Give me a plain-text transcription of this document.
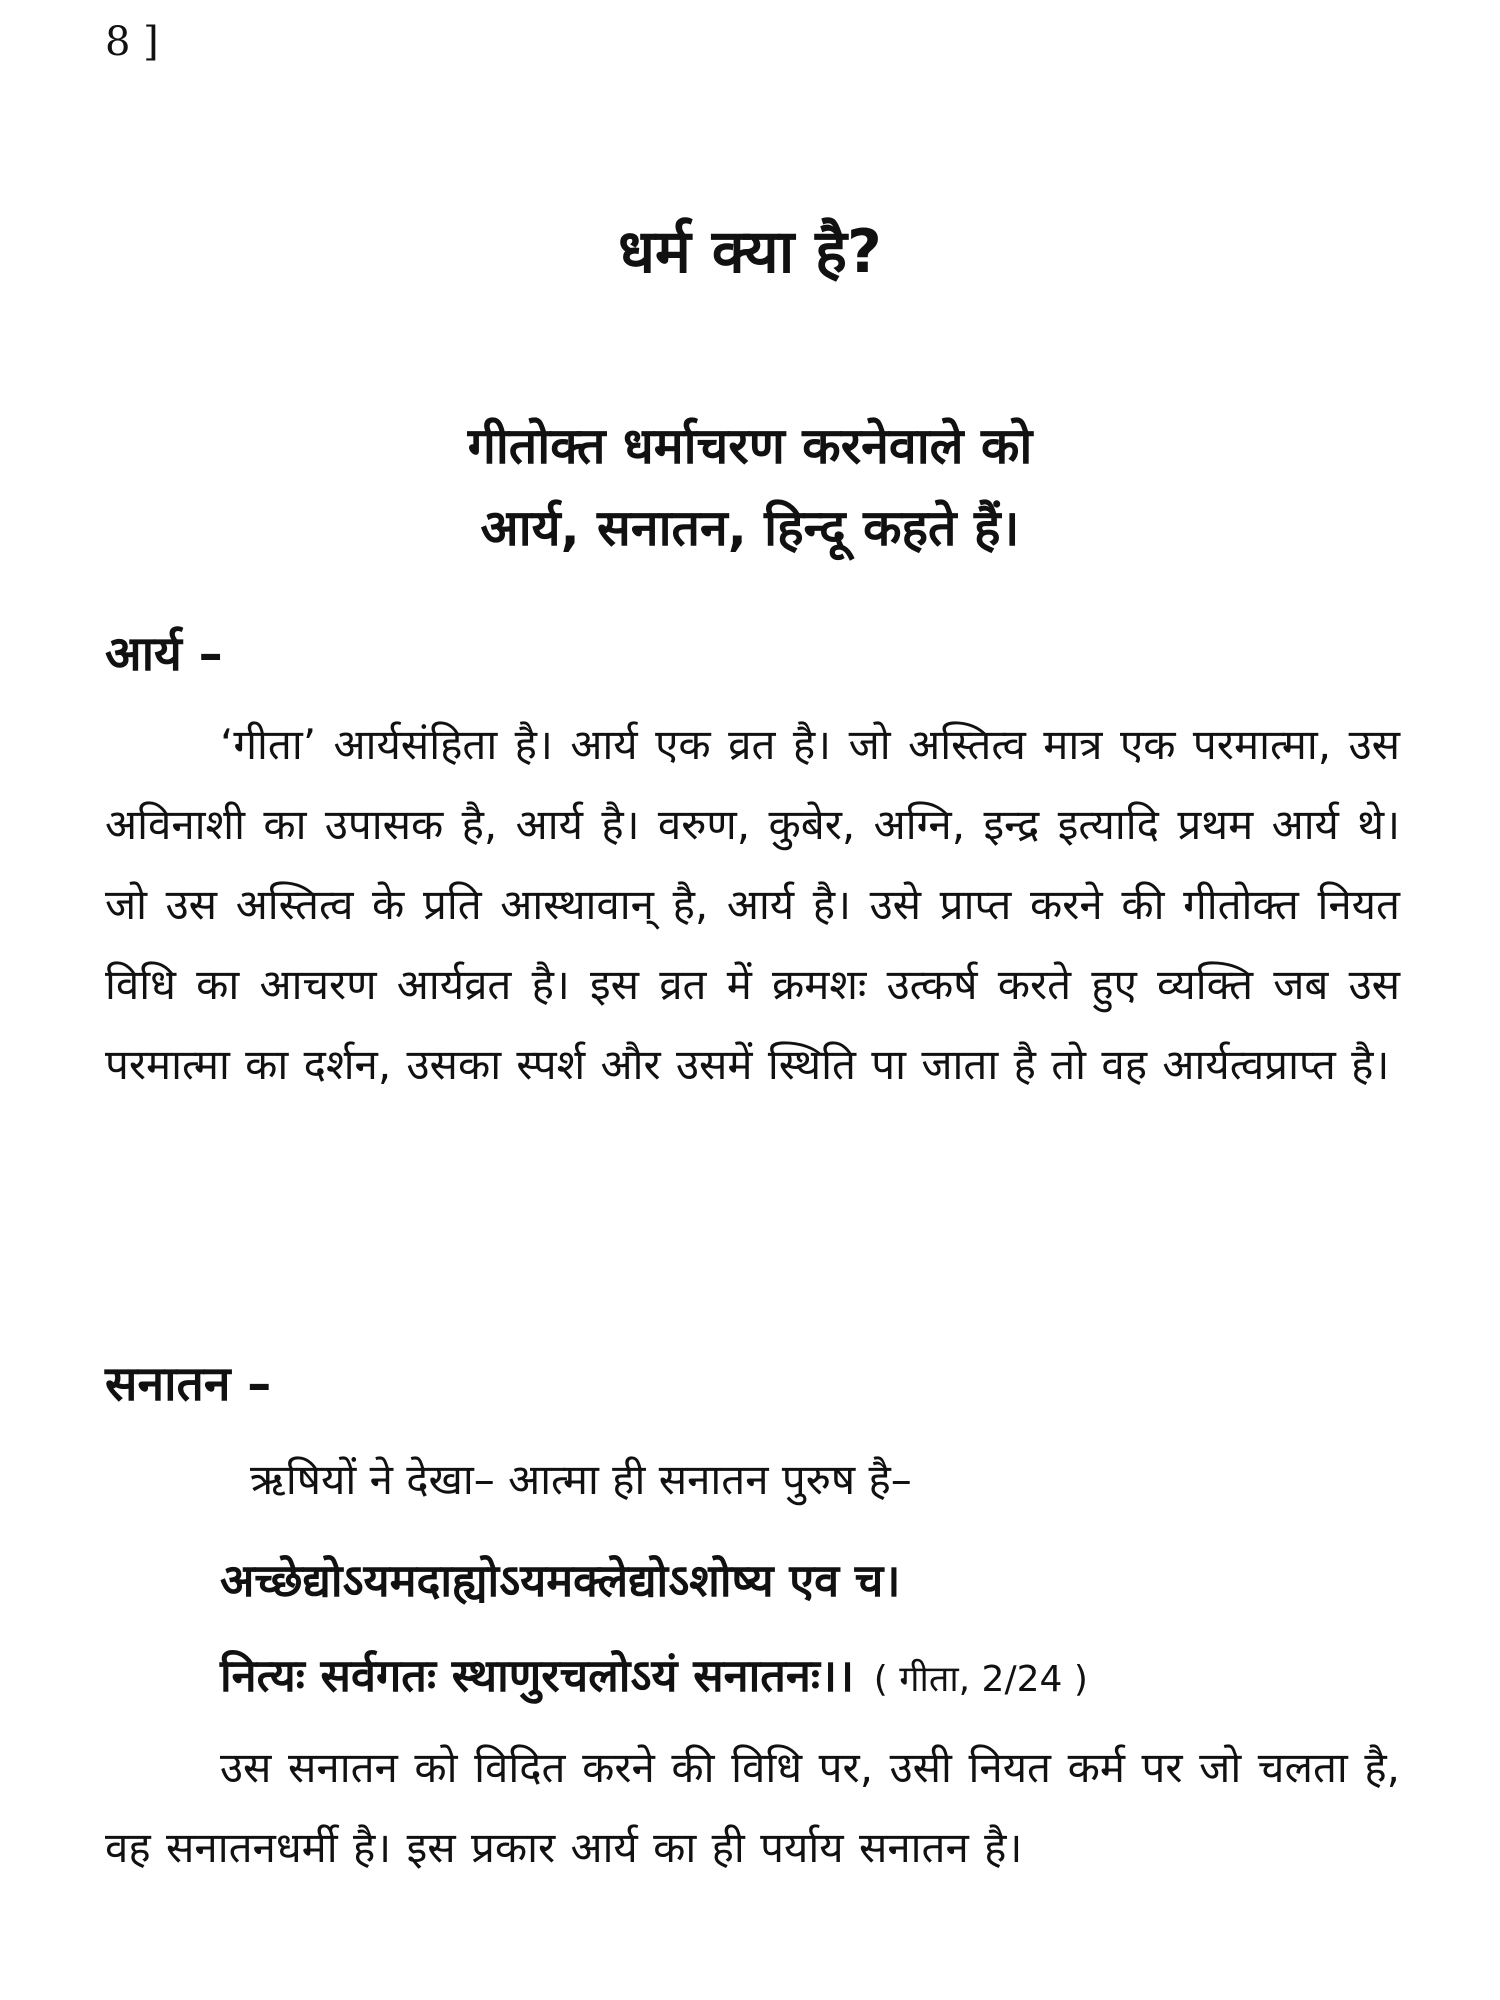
8 ]
धर्म क्या है?
गीतोक्त धर्माचरण करनेवाले को
आर्य, सनातन, हिन्दू कहते हैं।
आर्य –
‘गीता’ आर्यसंहिता है। आर्य एक व्रत है। जो अस्तित्व मात्र एक परमात्मा, उस अविनाशी का उपासक है, आर्य है। वरुण, कुबेर, अग्नि, इन्द्र इत्यादि प्रथम आर्य थे। जो उस अस्तित्व के प्रति आस्थावान् है, आर्य है। उसे प्राप्त करने की गीतोक्त नियत विधि का आचरण आर्यव्रत है। इस व्रत में क्रमशः उत्कर्ष करते हुए व्यक्ति जब उस परमात्मा का दर्शन, उसका स्पर्श और उसमें स्थिति पा जाता है तो वह आर्यत्वप्राप्त है।
सनातन –
ऋषियों ने देखा– आत्मा ही सनातन पुरुष है–
अच्छेद्योऽयमदाह्योऽयमक्लेद्योऽशोष्य एव च।
नित्यः सर्वगतः स्थाणुरचलोऽयं सनातनः।। ( गीता, 2/24 )
उस सनातन को विदित करने की विधि पर, उसी नियत कर्म पर जो चलता है, वह सनातनधर्मी है। इस प्रकार आर्य का ही पर्याय सनातन है।
